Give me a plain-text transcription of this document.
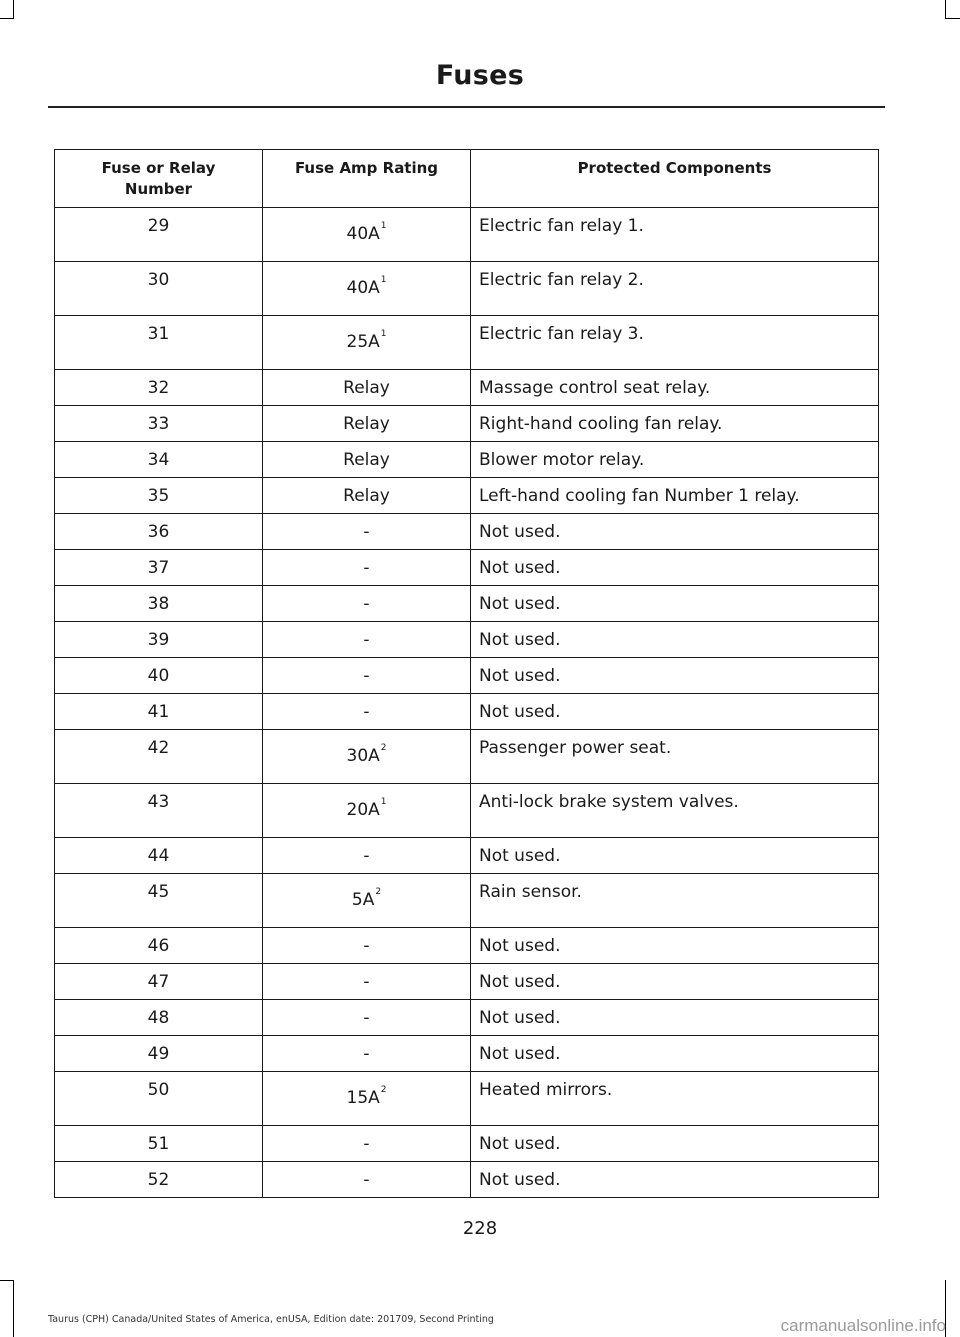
Fuses
Fuse or Relay Number	Fuse Amp Rating	Protected Components
29	$40A^1$	Electric fan relay 1.
30	$40A^1$	Electric fan relay 2.
31	$25A^1$	Electric fan relay 3.
32	Relay	Massage control seat relay.
33	Relay	Right-hand cooling fan relay.
34	Relay	Blower motor relay.
35	Relay	Left-hand cooling fan Number 1 relay.
36	-	Not used.
37	-	Not used.
38	-	Not used.
39	-	Not used.
40	-	Not used.
41	-	Not used.
42	$30A^2$	Passenger power seat.
43	$20A^1$	Anti-lock brake system valves.
44	-	Not used.
45	$5A^2$	Rain sensor.
46	-	Not used.
47	-	Not used.
48	-	Not used.
49	-	Not used.
50	$15A^2$	Heated mirrors.
51	-	Not used.
52	-	Not used.
228
Taurus (CPH) Canada/United States of America, enUSA, Edition date: 201709, Second Printing	carmanualsonline.info
